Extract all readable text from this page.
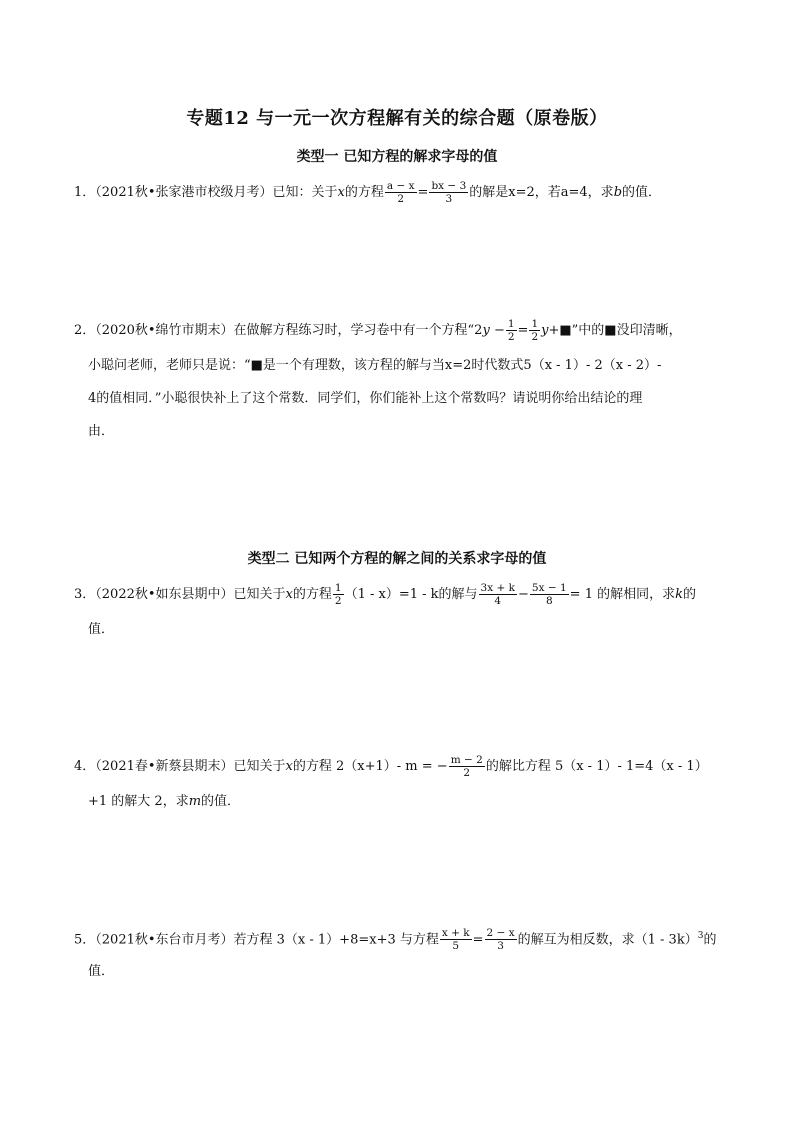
专题12 与一元一次方程解有关的综合题（原卷版）
类型一 已知方程的解求字母的值
1．（2021秋•张家港市校级月考）已知：关于x的方程 $\frac{a - x}{2} = \frac{bx - 3}{3}$ 的解是x=2，若a=4，求b的值．
2．（2020秋•绵竹市期末）在做解方程练习时，学习卷中有一个方程“$2y - \frac{1}{2} = \frac{1}{2}$ y+■”中的■没印清晰，
小聪问老师，老师只是说：“■是一个有理数，该方程的解与当x=2时代数式5（x - 1）- 2（x - 2）-
4的值相同．”小聪很快补上了这个常数．同学们，你们能补上这个常数吗？请说明你给出结论的理
由．
类型二 已知两个方程的解之间的关系求字母的值
3．（2022秋•如东县期中）已知关于x的方程 $\frac{1}{2} (1 - x)=1 - k$的解与 $\frac{3x + k}{4} - \frac{5x - 1}{8} = 1$ 的解相同，求k的
值．
4．（2021春•新蔡县期末）已知关于x的方程 2（x+1）- m = − $\frac{m - 2}{2}$ 的解比方程 5（x - 1）- 1=4（x - 1）
+1 的解大 2，求m的值．
5．（2021秋•东台市月考）若方程 3（x - 1）+8=x+3 与方程 $\frac{x + k}{5} = \frac{2 - x}{3}$ 的解互为相反数，求（1 - 3k）$^3$的
值．
